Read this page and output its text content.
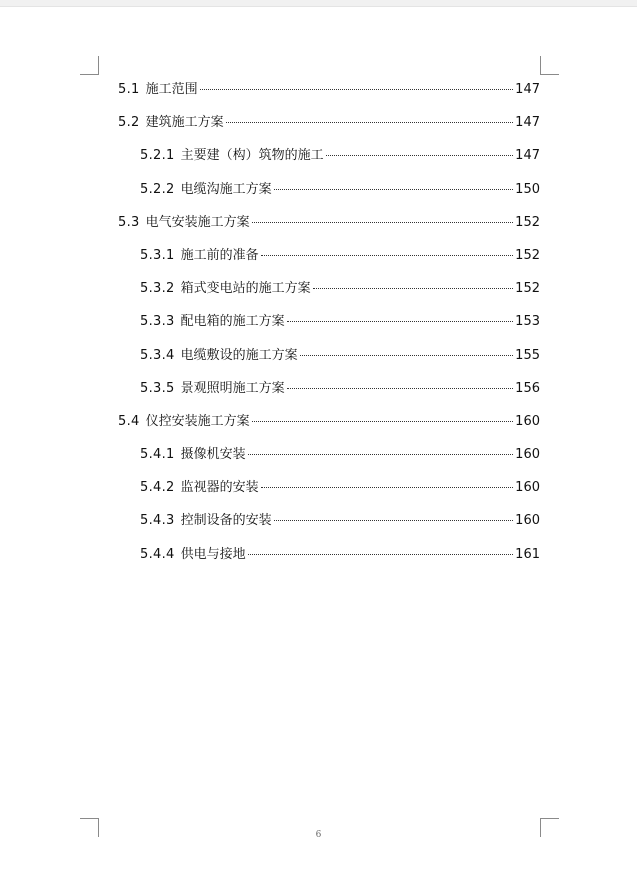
5.1 施工范围	147
5.2 建筑施工方案	147
5.2.1 主要建（构）筑物的施工	147
5.2.2 电缆沟施工方案	150
5.3 电气安装施工方案	152
5.3.1 施工前的准备	152
5.3.2 箱式变电站的施工方案	152
5.3.3 配电箱的施工方案	153
5.3.4 电缆敷设的施工方案	155
5.3.5 景观照明施工方案	156
5.4 仪控安装施工方案	160
5.4.1 摄像机安装	160
5.4.2 监视器的安装	160
5.4.3 控制设备的安装	160
5.4.4 供电与接地	161
6
